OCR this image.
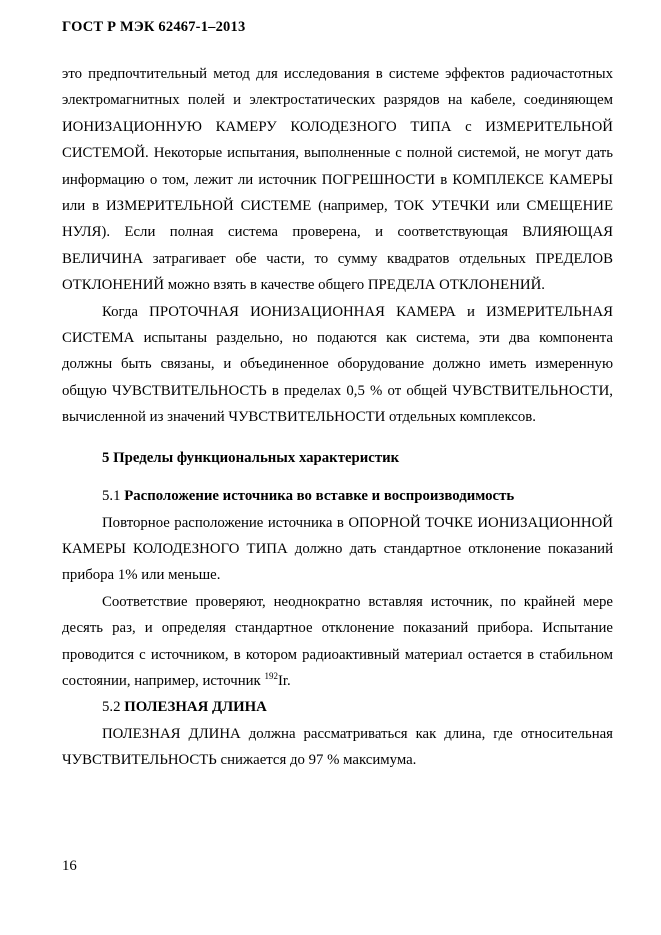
ГОСТ Р МЭК 62467-1–2013

это предпочтительный метод для исследования в системе эффектов радиочастотных электромагнитных полей и электростатических разрядов на кабеле, соединяющем ИОНИЗАЦИОННУЮ КАМЕРУ КОЛОДЕЗНОГО ТИПА с ИЗМЕРИТЕЛЬНОЙ СИСТЕМОЙ. Некоторые испытания, выполненные с полной системой, не могут дать информацию о том, лежит ли источник ПОГРЕШНОСТИ в КОМПЛЕКСЕ КАМЕРЫ или в ИЗМЕРИТЕЛЬНОЙ СИСТЕМЕ (например, ТОК УТЕЧКИ или СМЕЩЕНИЕ НУЛЯ). Если полная система проверена, и соответствующая ВЛИЯЮЩАЯ ВЕЛИЧИНА затрагивает обе части, то сумму квадратов отдельных ПРЕДЕЛОВ ОТКЛОНЕНИЙ можно взять в качестве общего ПРЕДЕЛА ОТКЛОНЕНИЙ.

Когда ПРОТОЧНАЯ ИОНИЗАЦИОННАЯ КАМЕРА и ИЗМЕРИТЕЛЬНАЯ СИСТЕМА испытаны раздельно, но подаются как система, эти два компонента должны быть связаны, и объединенное оборудование должно иметь измеренную общую ЧУВСТВИТЕЛЬНОСТЬ в пределах 0,5 % от общей ЧУВСТВИТЕЛЬНОСТИ, вычисленной из значений ЧУВСТВИТЕЛЬНОСТИ отдельных комплексов.

5 Пределы функциональных характеристик

5.1 Расположение источника во вставке и воспроизводимость

Повторное расположение источника в ОПОРНОЙ ТОЧКЕ ИОНИЗАЦИОННОЙ КАМЕРЫ КОЛОДЕЗНОГО ТИПА должно дать стандартное отклонение показаний прибора 1% или меньше.

Соответствие проверяют, неоднократно вставляя источник, по крайней мере десять раз, и определяя стандартное отклонение показаний прибора. Испытание проводится с источником, в котором радиоактивный материал остается в стабильном состоянии, например, источник $^{192}$Ir.

5.2 ПОЛЕЗНАЯ ДЛИНА

ПОЛЕЗНАЯ ДЛИНА должна рассматриваться как длина, где относительная ЧУВСТВИТЕЛЬНОСТЬ снижается до 97 % максимума.

16
